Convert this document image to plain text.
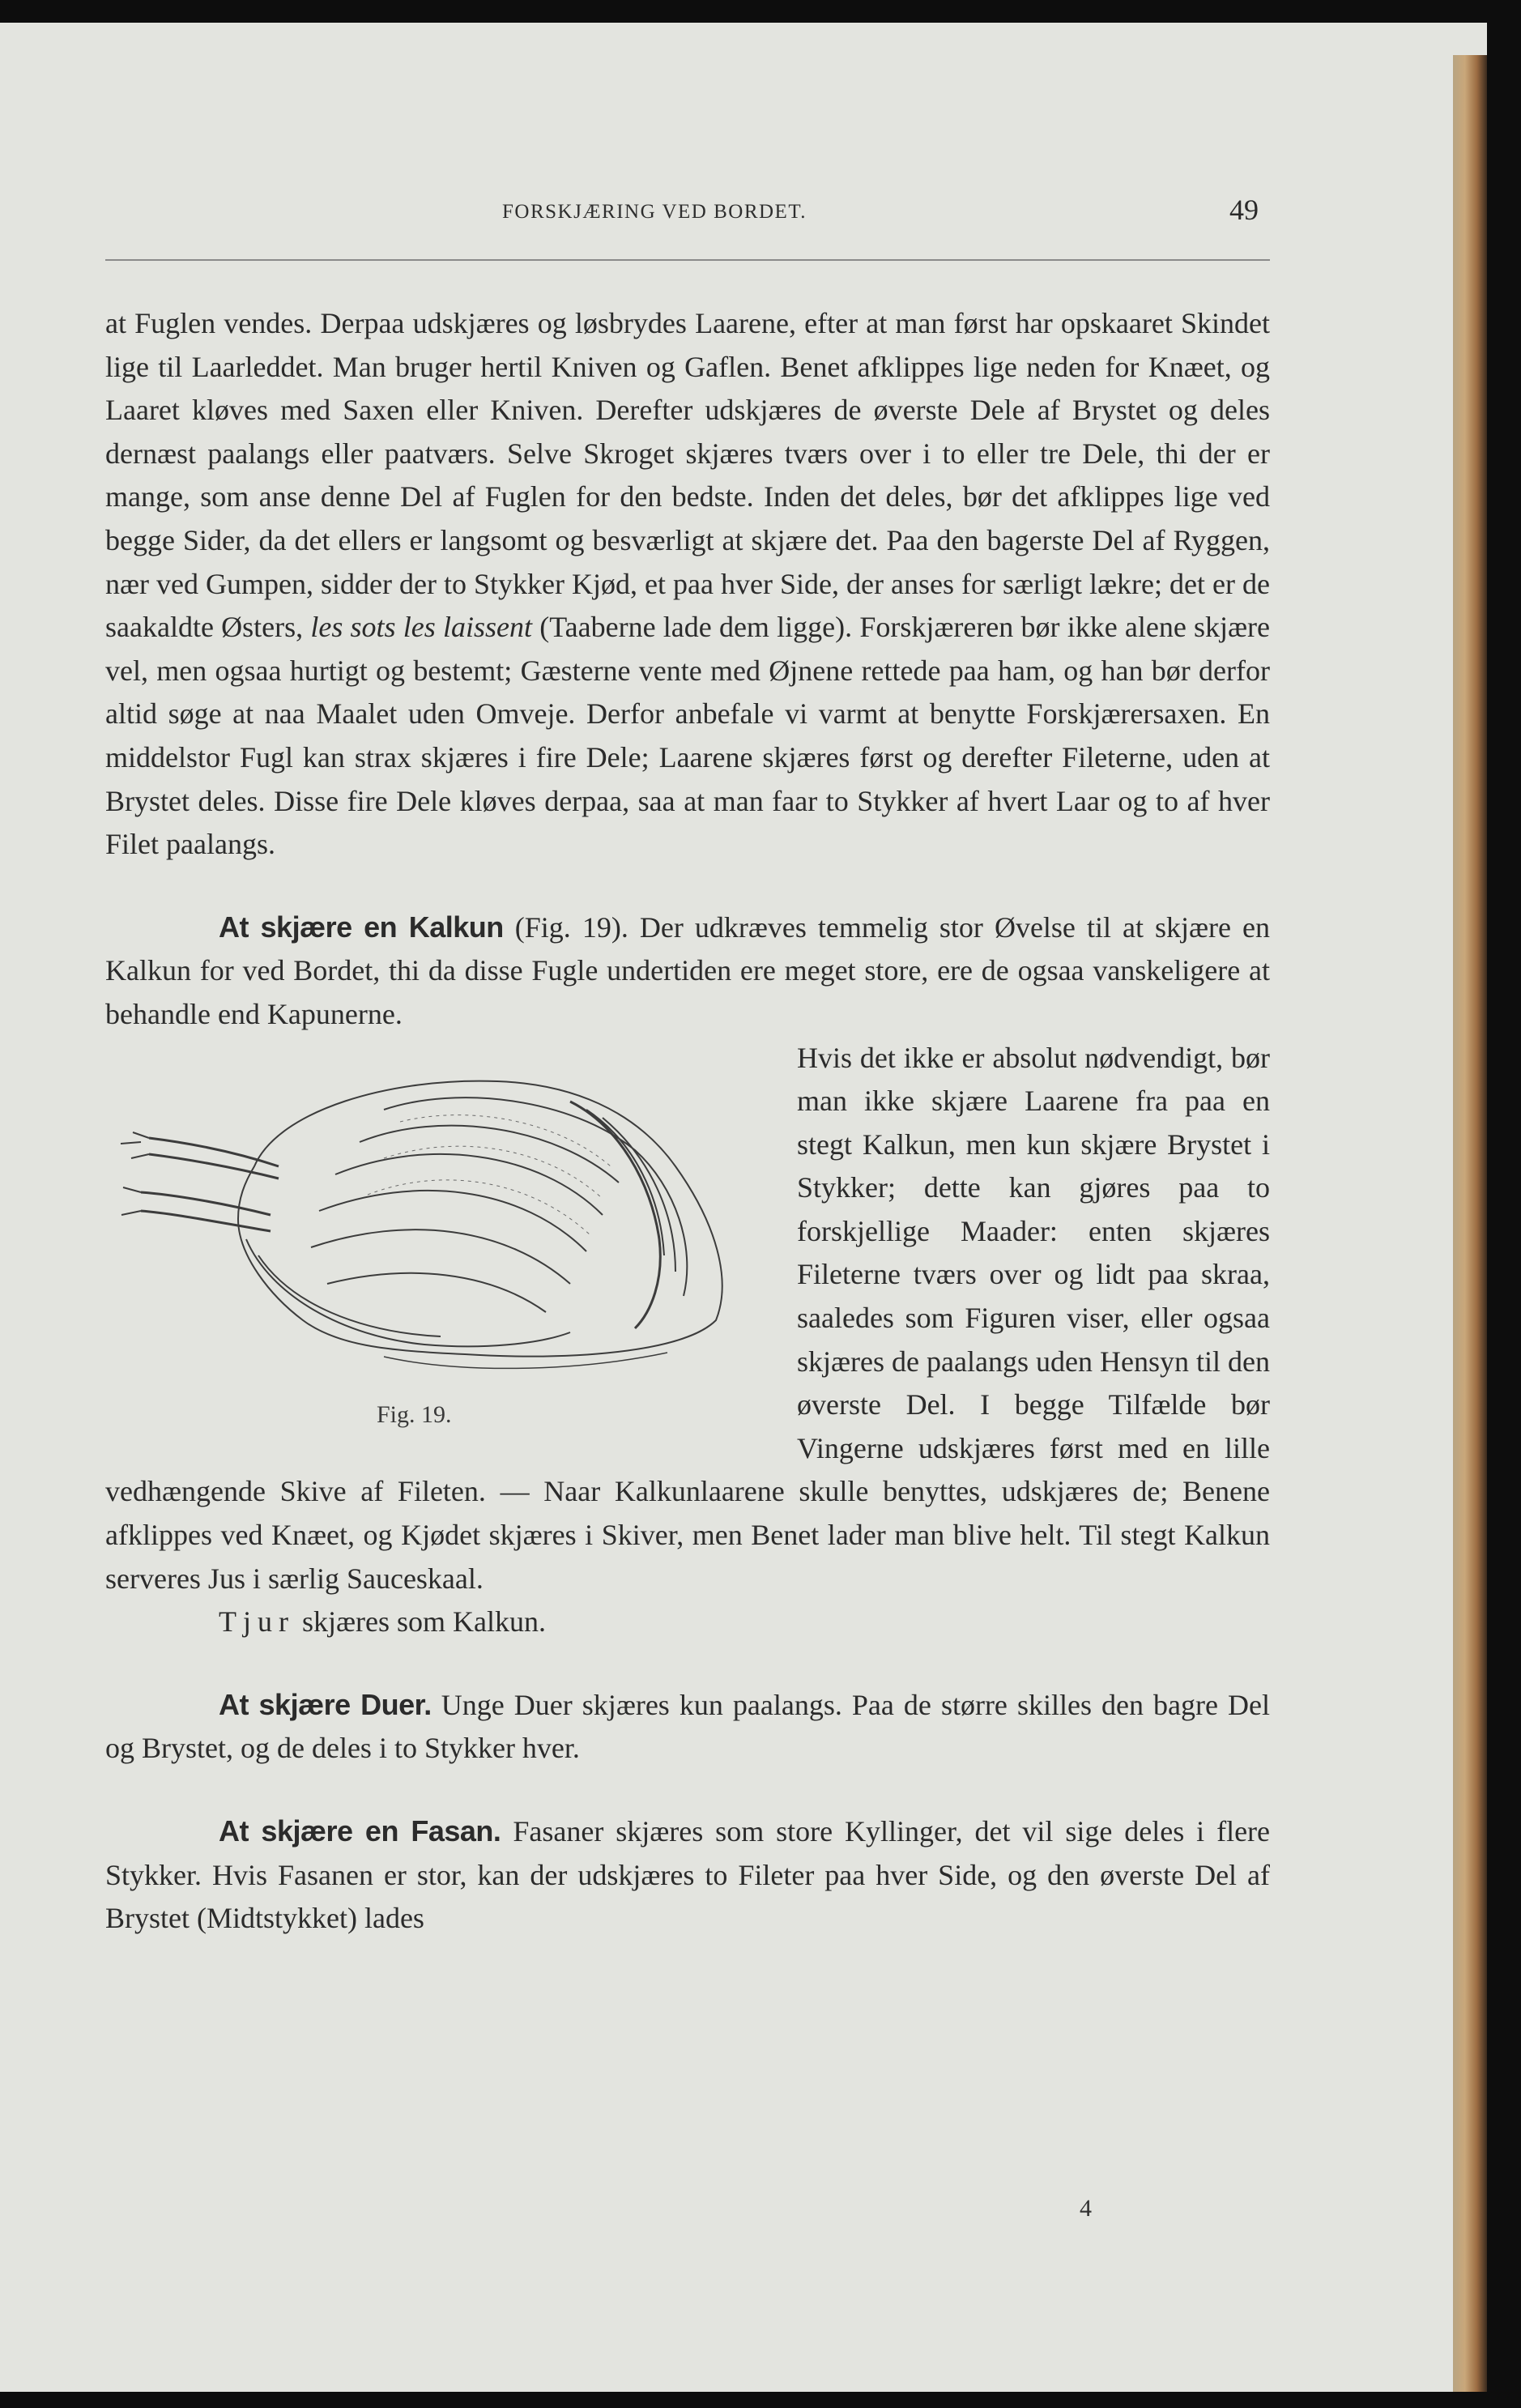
FORSKJÆRING VED BORDET.	49

at Fuglen vendes. Derpaa udskjæres og løsbrydes Laarene, efter at man først har opskaaret Skindet lige til Laarleddet. Man bruger hertil Kniven og Gaflen. Benet afklippes lige neden for Knæet, og Laaret kløves med Saxen eller Kniven. Derefter udskjæres de øverste Dele af Brystet og deles dernæst paalangs eller paatværs. Selve Skroget skjæres tværs over i to eller tre Dele, thi der er mange, som anse denne Del af Fuglen for den bedste. Inden det deles, bør det afklippes lige ved begge Sider, da det ellers er langsomt og besværligt at skjære det. Paa den bagerste Del af Ryggen, nær ved Gumpen, sidder der to Stykker Kjød, et paa hver Side, der anses for særligt lækre; det er de saakaldte Østers, les sots les laissent (Taaberne lade dem ligge). Forskjæreren bør ikke alene skjære vel, men ogsaa hurtigt og bestemt; Gæsterne vente med Øjnene rettede paa ham, og han bør derfor altid søge at naa Maalet uden Omveje. Derfor anbefale vi varmt at benytte Forskjærersaxen. En middelstor Fugl kan strax skjæres i fire Dele; Laarene skjæres først og derefter Fileterne, uden at Brystet deles. Disse fire Dele kløves derpaa, saa at man faar to Stykker af hvert Laar og to af hver Filet paalangs.

At skjære en Kalkun (Fig. 19). Der udkræves temmelig stor Øvelse til at skjære en Kalkun for ved Bordet, thi da disse Fugle undertiden ere meget store, ere de ogsaa vanskeligere at behandle end Kapunerne.

Fig. 19.

Hvis det ikke er absolut nødvendigt, bør man ikke skjære Laarene fra paa en stegt Kalkun, men kun skjære Brystet i Stykker; dette kan gjøres paa to forskjellige Maader: enten skjæres Fileterne tværs over og lidt paa skraa, saaledes som Figuren viser, eller ogsaa skjæres de paalangs uden Hensyn til den øverste Del. I begge Tilfælde bør Vingerne udskjæres først med en lille vedhængende Skive af Fileten. — Naar Kalkunlaarene skulle benyttes, udskjæres de; Benene afklippes ved Knæet, og Kjødet skjæres i Skiver, men Benet lader man blive helt. Til stegt Kalkun serveres Jus i særlig Sauceskaal.

Tjur skjæres som Kalkun.

At skjære Duer. Unge Duer skjæres kun paalangs. Paa de større skilles den bagre Del og Brystet, og de deles i to Stykker hver.

At skjære en Fasan. Fasaner skjæres som store Kyllinger, det vil sige deles i flere Stykker. Hvis Fasanen er stor, kan der udskjæres to Fileter paa hver Side, og den øverste Del af Brystet (Midtstykket) lades

4
